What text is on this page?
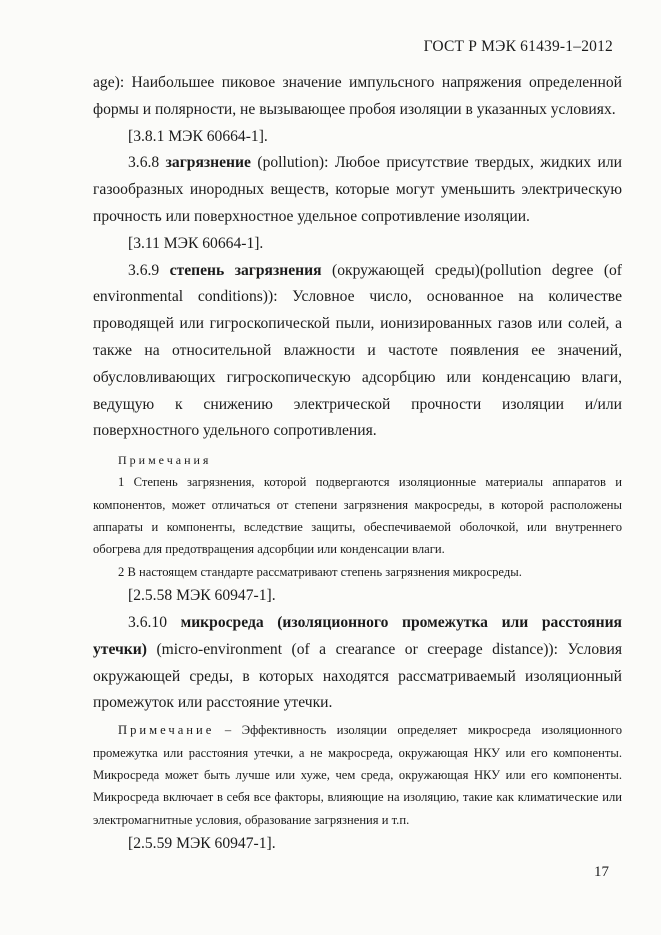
ГОСТ Р МЭК 61439-1–2012

age): Наибольшее пиковое значение импульсного напряжения определенной формы и полярности, не вызывающее пробоя изоляции в указанных условиях.

[3.8.1 МЭК 60664-1].

3.6.8 загрязнение (pollution): Любое присутствие твердых, жидких или газообразных инородных веществ, которые могут уменьшить электрическую прочность или поверхностное удельное сопротивление изоляции.

[3.11 МЭК 60664-1].

3.6.9 степень загрязнения (окружающей среды)(pollution degree (of environmental conditions)): Условное число, основанное на количестве проводящей или гигроскопической пыли, ионизированных газов или солей, а также на относительной влажности и частоте появления ее значений, обусловливающих гигроскопическую адсорбцию или конденсацию влаги, ведущую к снижению электрической прочности изоляции и/или поверхностного удельного сопротивления.

Примечания

1 Степень загрязнения, которой подвергаются изоляционные материалы аппаратов и компонентов, может отличаться от степени загрязнения макросреды, в которой расположены аппараты и компоненты, вследствие защиты, обеспечиваемой оболочкой, или внутреннего обогрева для предотвращения адсорбции или конденсации влаги.

2 В настоящем стандарте рассматривают степень загрязнения микросреды.

[2.5.58 МЭК 60947-1].

3.6.10 микросреда (изоляционного промежутка или расстояния утечки) (micro-environment (of a crearance or creepage distance)): Условия окружающей среды, в которых находятся рассматриваемый изоляционный промежуток или расстояние утечки.

Примечание – Эффективность изоляции определяет микросреда изоляционного промежутка или расстояния утечки, а не макросреда, окружающая НКУ или его компоненты. Микросреда может быть лучше или хуже, чем среда, окружающая НКУ или его компоненты. Микросреда включает в себя все факторы, влияющие на изоляцию, такие как климатические или электромагнитные условия, образование загрязнения и т.п.

[2.5.59 МЭК 60947-1].

17
